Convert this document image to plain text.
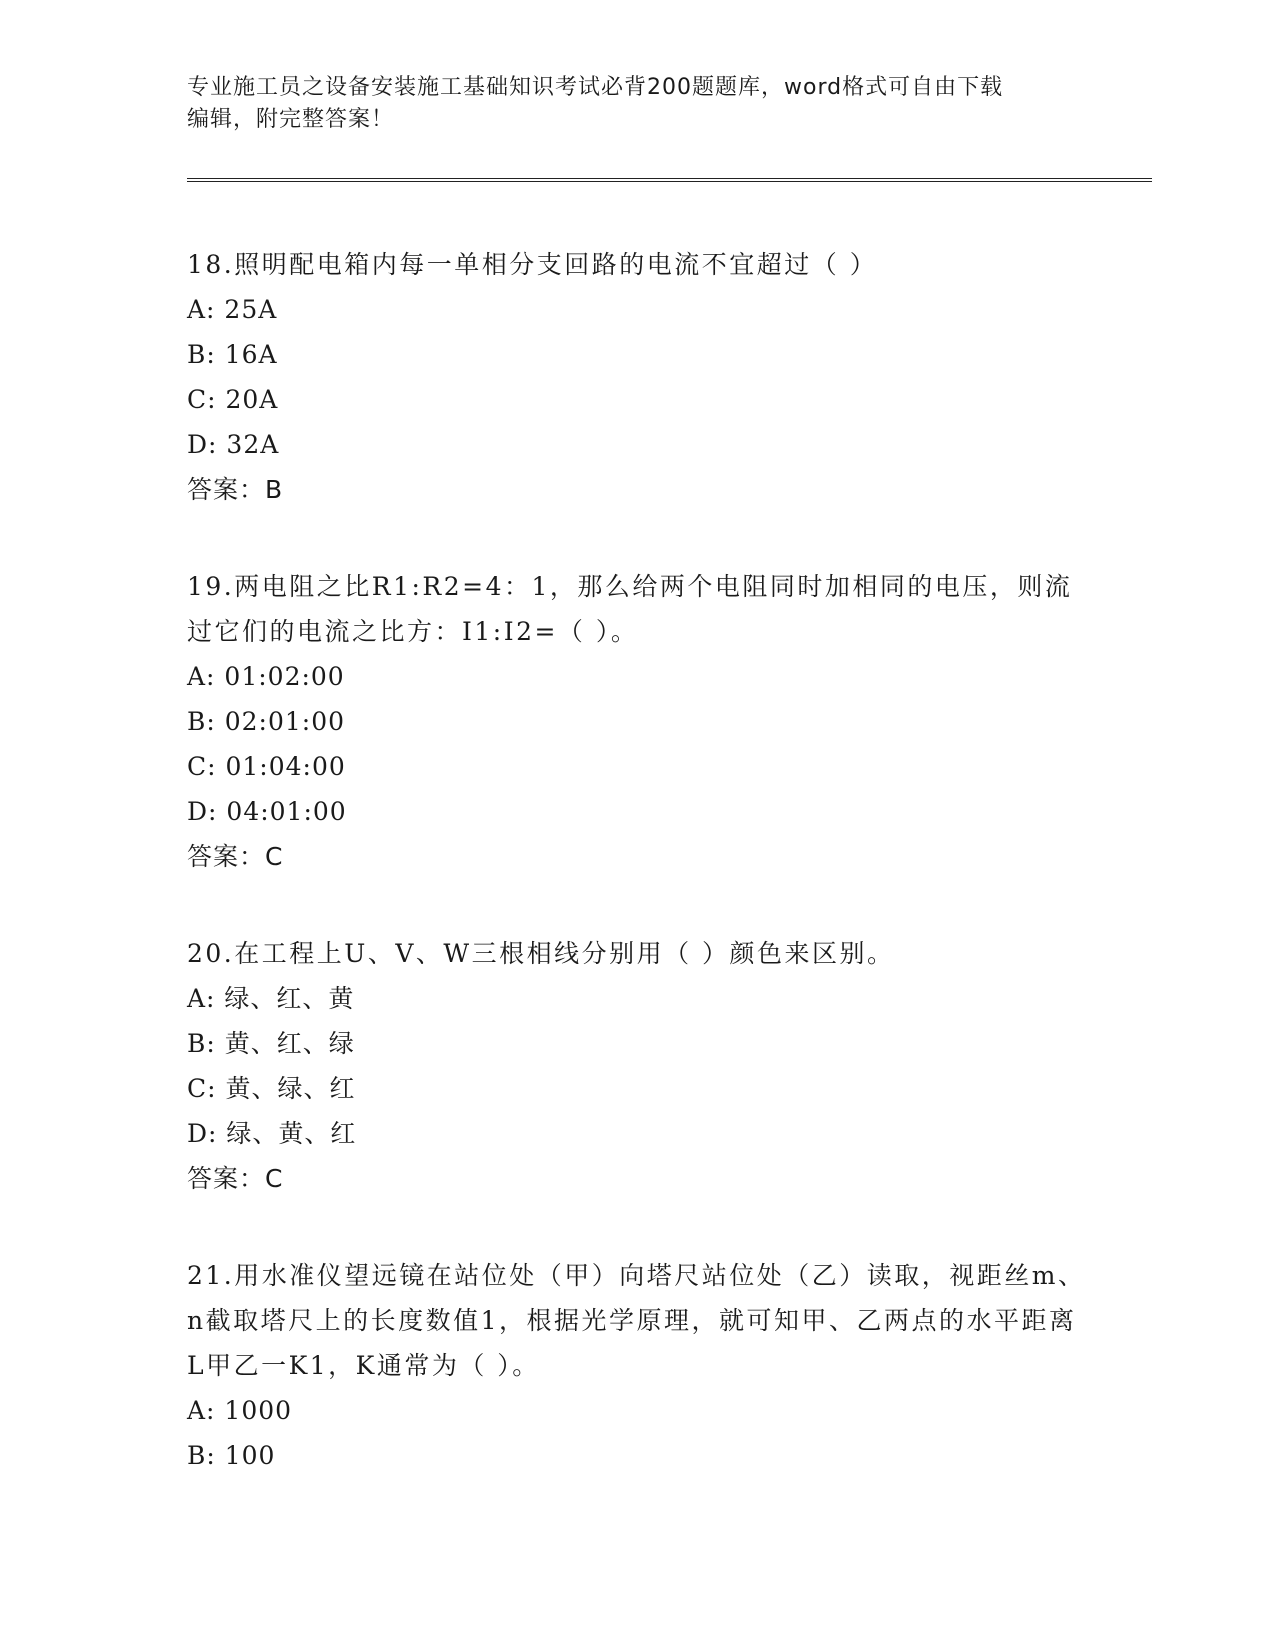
专业施工员之设备安装施工基础知识考试必背200题题库，word格式可自由下载
编辑，附完整答案！

18.照明配电箱内每一单相分支回路的电流不宜超过（ ）

A: 25A

B: 16A

C: 20A

D: 32A

答案：B

19.两电阻之比R1:R2=4：1，那么给两个电阻同时加相同的电压，则流过它们的电流之比方：I1:I2=（ ）。

A: 01:02:00

B: 02:01:00

C: 01:04:00

D: 04:01:00

答案：C

20.在工程上U、V、W三根相线分别用（ ）颜色来区别。

A: 绿、红、黄

B: 黄、红、绿

C: 黄、绿、红

D: 绿、黄、红

答案：C

21.用水准仪望远镜在站位处（甲）向塔尺站位处（乙）读取，视距丝m、n截取塔尺上的长度数值1，根据光学原理，就可知甲、乙两点的水平距离L甲乙一K1，K通常为（ ）。

A: 1000

B: 100
